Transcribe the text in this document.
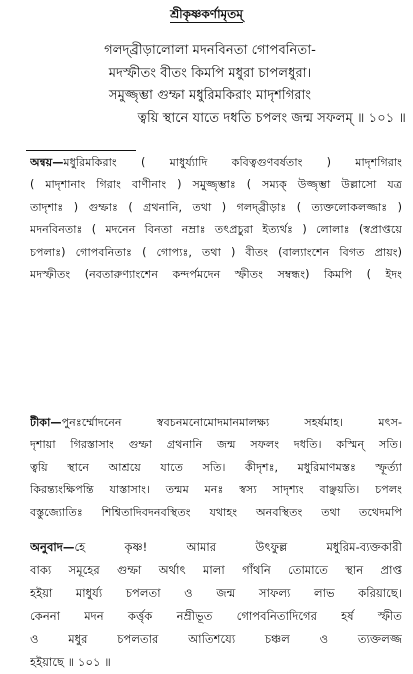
শ্রীকৃষ্ণকর্ণামৃতম্‌
গলদ্‌ব্রীড়ালোলা মদনবিনতা গোপবনিতা-
মদস্ফীতং বীতং কিমপি মধুরা চাপলধুরা।
সমুজ্জৃম্ভা গুম্ফা মধুরিমকিরাং মাদৃশগিরাং
ত্বয়ি স্থানে যাতে দধতি চপলং জন্ম সফলম্‌ ॥ ১০১ ॥
অন্বয়—মধুরিমকিরাং ( মাধুর্য্যাদি কবিত্বগুণবর্ষতাং ) মাদৃশগিরাং
( মাদৃশানাং গিরাং বাণীনাং ) সমুজ্জৃম্ভাঃ ( সম্যক্‌ উজ্জৃম্ভা উল্লাসো যত্র
তাদৃশাঃ ) গুম্ফাঃ ( গ্রথনানি, তথা ) গলদ্‌ব্রীড়াঃ ( ত্যক্তলোকলজ্জাঃ )
মদনবিনতাঃ ( মদনেন বিনতা নম্রাঃ তৎপ্রচুরা ইত্যর্থঃ ) লোলাঃ (স্বপ্রাপ্তয়ে
চপলাঃ) গোপবনিতাঃ ( গোপ্যঃ, তথা ) বীতং (বাল্যাংশেন বিগত প্রায়ং)
মদস্ফীতং (নবতারুণ্যাংশেন কন্দর্পমদেন স্ফীতং সম্বন্ধং) কিমপি ( ইদং
টীকা—পুনঃর্ম্মোদনেন স্ববচনমনোমোদমানমালক্ষ্য সহর্ষমাহ। মৎস-
দৃশায়া গিরস্তাসাং গুম্ফা গ্রথনানি জন্ম সফলং দধতি। কস্মিন্‌ সতি।
ত্বয়ি স্থানে আশ্রয়ে যাতে সতি। কীদৃশঃ, মধুরিমাণমস্তঃ স্ফূর্ত্যা
কিরন্ত্যংক্ষিপন্তি যাস্তাসাং। তন্মম মনঃ স্বস্য সাদৃশ্যং বাঞ্ছয়তি। চপলং
বস্তুজ্যোতিঃ শিশ্বিতাদিবদনবস্থিতং যথাহং অনবস্থিতং তথা তথেদমপি
অনুবাদ—হে কৃষ্ণ! আমার উৎফুল্ল মধুরিম-ব্যক্তকারী
বাক্য সমূহের গুম্ফা অর্থাৎ মালা গাঁথনি তোমাতে স্থান প্রাপ্ত
হইয়া মাধুর্য্য চপলতা ও জন্ম সাফল্য লাভ করিয়াছে।
কেননা মদন কর্ত্তৃক নম্রীভূত গোপবনিতাদিগের হর্ষ স্ফীত
ও মধুর চপলতার আতিশয্যে চঞ্চল ও ত্যক্তলজ্জ
হইয়াছে ॥ ১০১ ॥
